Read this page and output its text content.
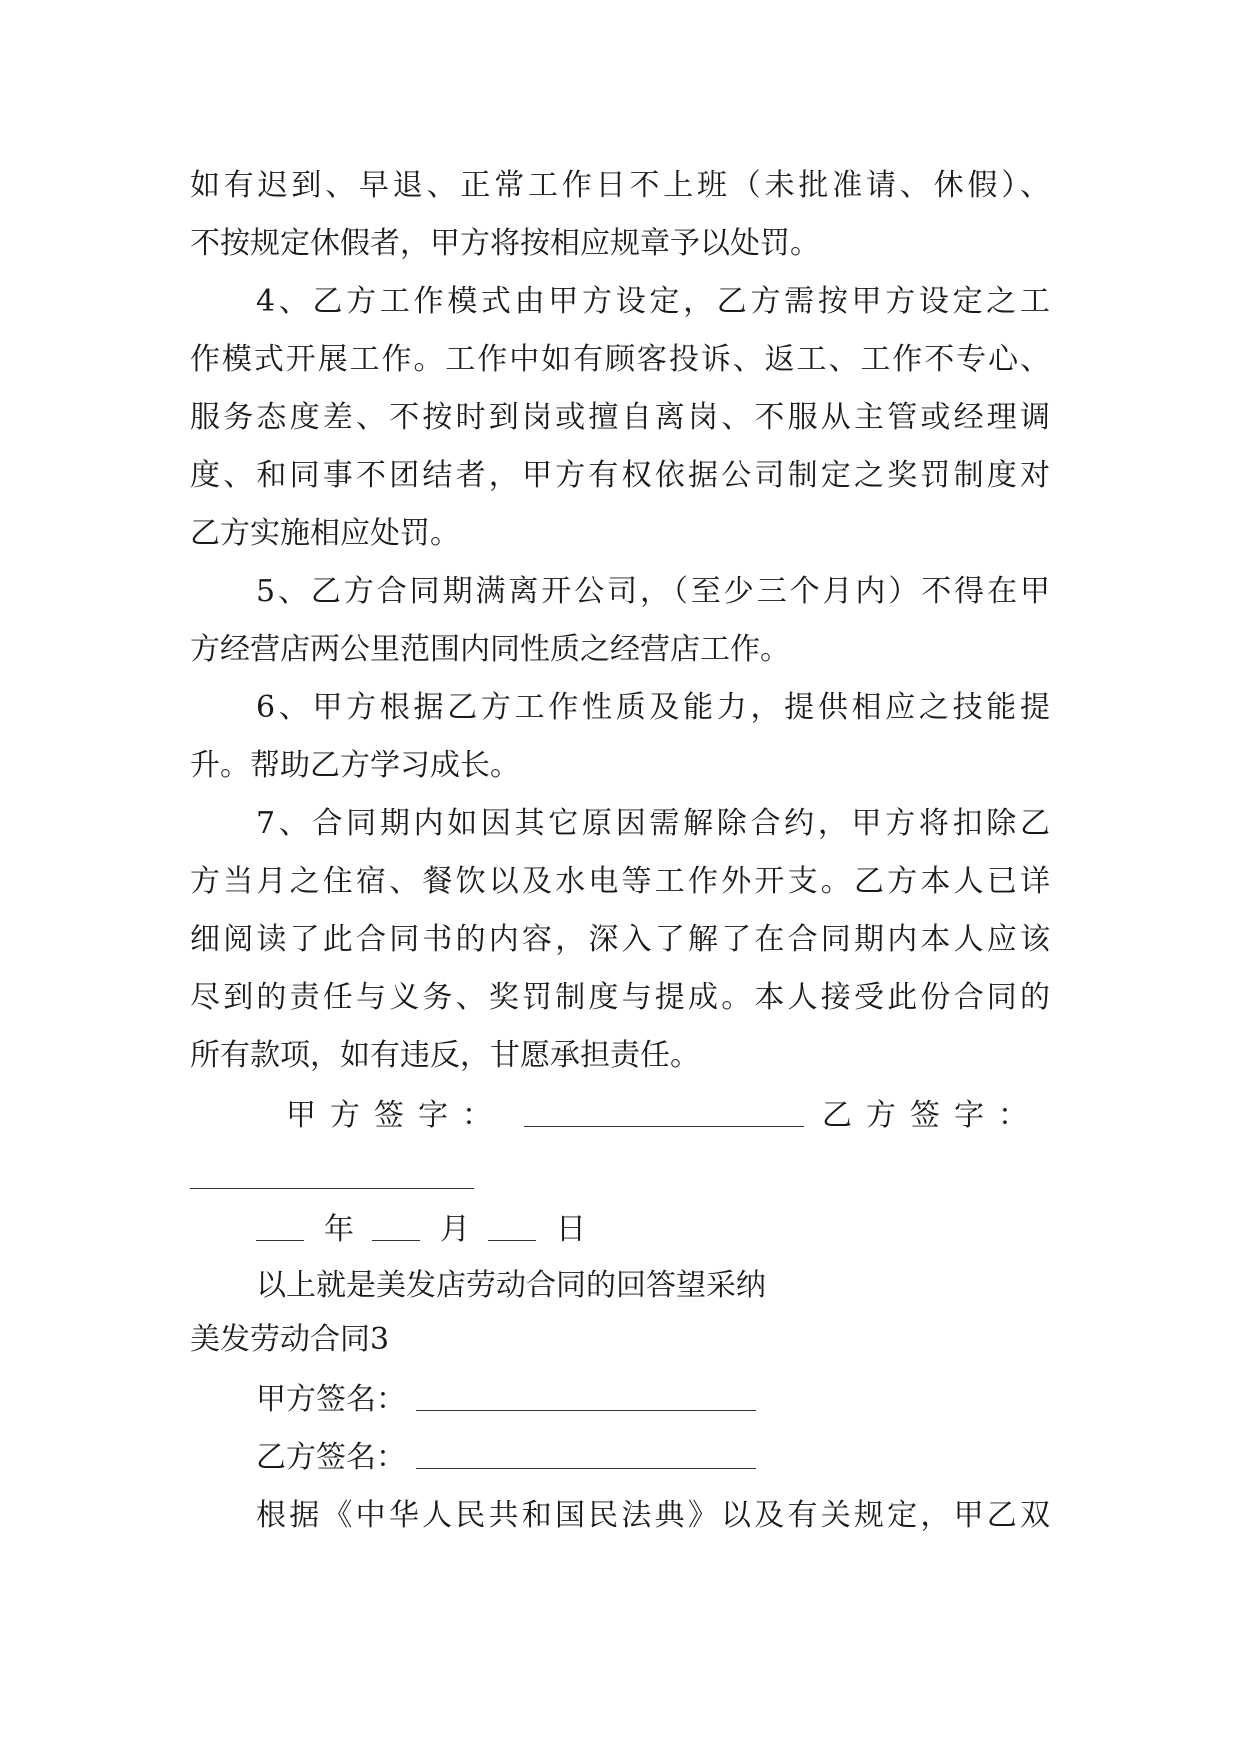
如有迟到、早退、正常工作日不上班（未批准请、休假）、
不按规定休假者，甲方将按相应规章予以处罚。
4、乙方工作模式由甲方设定，乙方需按甲方设定之工
作模式开展工作。工作中如有顾客投诉、返工、工作不专心、
服务态度差、不按时到岗或擅自离岗、不服从主管或经理调
度、和同事不团结者，甲方有权依据公司制定之奖罚制度对
乙方实施相应处罚。
5、乙方合同期满离开公司，（至少三个月内）不得在甲
方经营店两公里范围内同性质之经营店工作。
6、甲方根据乙方工作性质及能力，提供相应之技能提
升。帮助乙方学习成长。
7、合同期内如因其它原因需解除合约，甲方将扣除乙
方当月之住宿、餐饮以及水电等工作外开支。乙方本人已详
细阅读了此合同书的内容，深入了解了在合同期内本人应该
尽到的责任与义务、奖罚制度与提成。本人接受此份合同的
所有款项，如有违反，甘愿承担责任。
甲方签字：	乙方签字：
年	月	日
以上就是美发店劳动合同的回答望采纳
美发劳动合同3
甲方签名：
乙方签名：
根据《中华人民共和国民法典》以及有关规定，甲乙双
